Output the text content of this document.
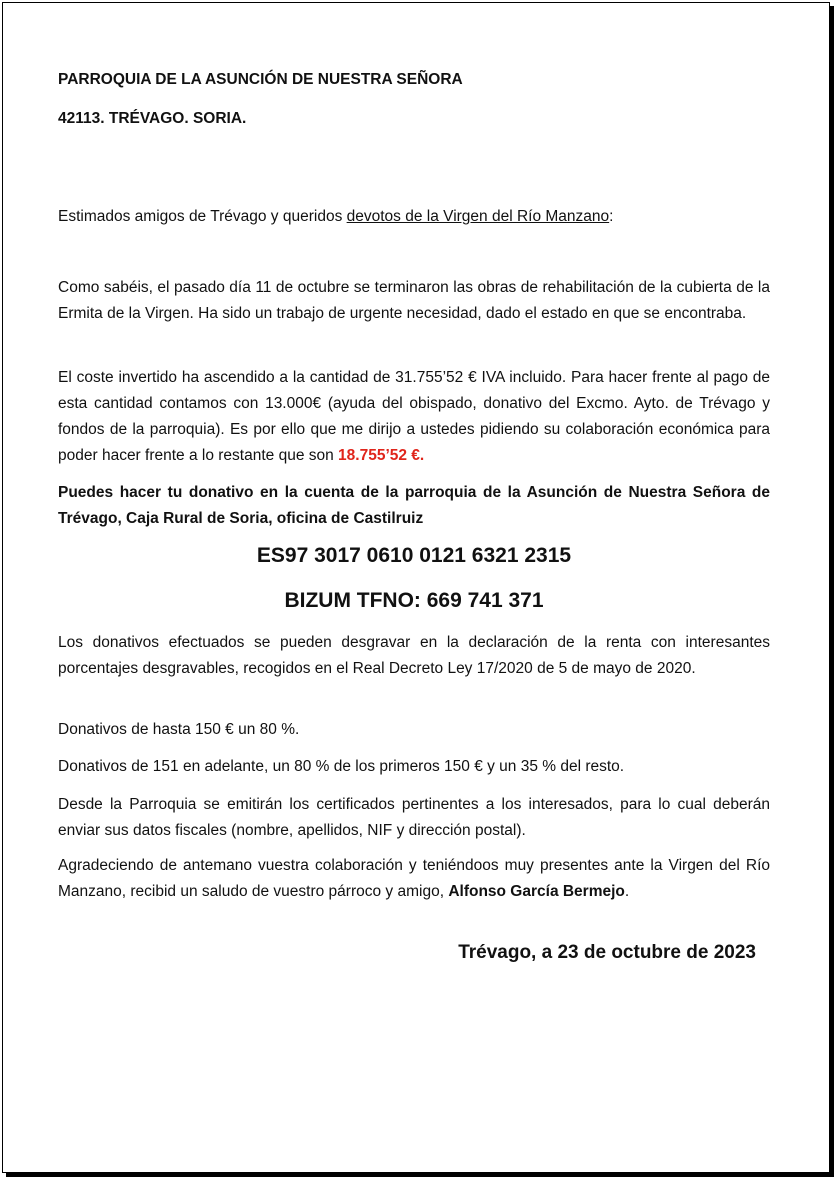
PARROQUIA DE LA ASUNCIÓN DE NUESTRA SEÑORA
42113. TRÉVAGO. SORIA.
Estimados amigos de Trévago y queridos devotos de la Virgen del Río Manzano:
Como sabéis, el pasado día 11 de octubre se terminaron las obras de rehabilitación de la cubierta de la Ermita de la Virgen. Ha sido un trabajo de urgente necesidad, dado el estado en que se encontraba.
El coste invertido ha ascendido a la cantidad de 31.755’52 € IVA incluido. Para hacer frente al pago de esta cantidad contamos con 13.000€ (ayuda del obispado, donativo del Excmo. Ayto. de Trévago y fondos de la parroquia). Es por ello que me dirijo a ustedes pidiendo su colaboración económica para poder hacer frente a lo restante que son 18.755’52 €.
Puedes hacer tu donativo en la cuenta de la parroquia de la Asunción de Nuestra Señora de Trévago, Caja Rural de Soria, oficina de Castilruiz
ES97 3017 0610 0121 6321 2315
BIZUM TFNO: 669 741 371
Los donativos efectuados se pueden desgravar en la declaración de la renta con interesantes porcentajes desgravables, recogidos en el Real Decreto Ley 17/2020 de 5 de mayo de 2020.
Donativos de hasta 150 € un 80 %.
Donativos de 151 en adelante, un 80 % de los primeros 150 € y un 35 % del resto.
Desde la Parroquia se emitirán los certificados pertinentes a los interesados, para lo cual deberán enviar sus datos fiscales (nombre, apellidos, NIF y dirección postal).
Agradeciendo de antemano vuestra colaboración y teniéndoos muy presentes ante la Virgen del Río Manzano, recibid un saludo de vuestro párroco y amigo, Alfonso García Bermejo.
Trévago, a 23 de octubre de 2023
